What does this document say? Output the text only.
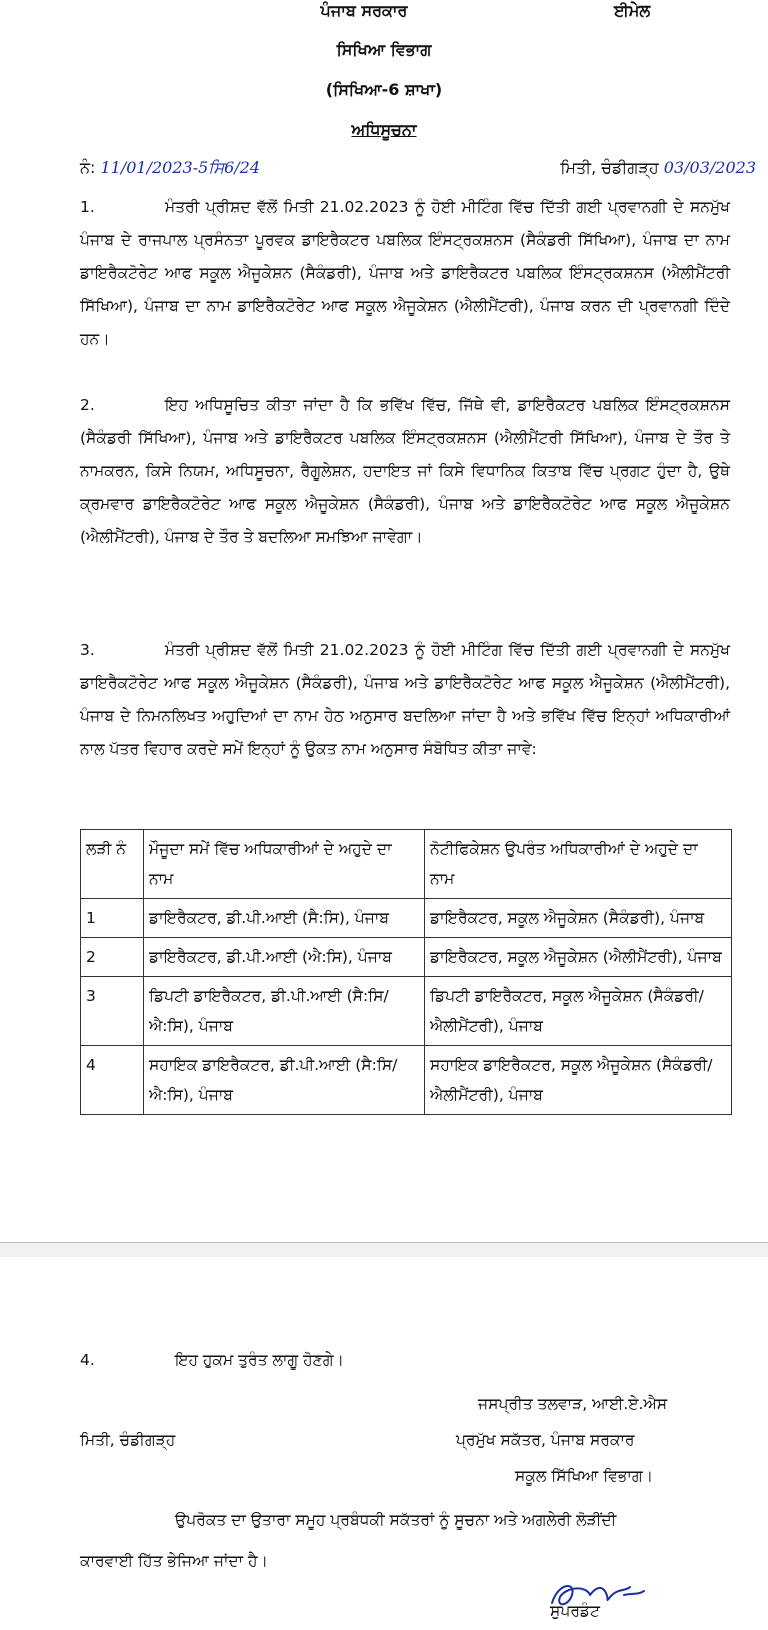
ਪੰਜਾਬ ਸਰਕਾਰ	ਈਮੇਲ
ਸਿਖਿਆ ਵਿਭਾਗ
(ਸਿਖਿਆ-6 ਸ਼ਾਖਾ)
ਅਧਿਸੂਚਨਾ
ਨੰ: 11/01/2023-5ਸਿ6/24	ਮਿਤੀ, ਚੰਡੀਗੜ੍ਹ 03/03/2023

1.	ਮੰਤਰੀ ਪ੍ਰੀਸ਼ਦ ਵੱਲੋਂ ਮਿਤੀ 21.02.2023 ਨੂੰ ਹੋਈ ਮੀਟਿੰਗ ਵਿੱਚ ਦਿੱਤੀ ਗਈ ਪ੍ਰਵਾਨਗੀ ਦੇ ਸਨਮੁੱਖ ਪੰਜਾਬ ਦੇ ਰਾਜਪਾਲ ਪ੍ਰਸੰਨਤਾ ਪੂਰਵਕ ਡਾਇਰੈਕਟਰ ਪਬਲਿਕ ਇੰਸਟ੍ਰਕਸ਼ਨਸ (ਸੈਕੰਡਰੀ ਸਿੱਖਿਆ), ਪੰਜਾਬ ਦਾ ਨਾਮ ਡਾਇਰੈਕਟੋਰੇਟ ਆਫ ਸਕੂਲ ਐਜੂਕੇਸ਼ਨ (ਸੈਕੰਡਰੀ), ਪੰਜਾਬ ਅਤੇ ਡਾਇਰੈਕਟਰ ਪਬਲਿਕ ਇੰਸਟ੍ਰਕਸ਼ਨਸ (ਐਲੀਮੈਂਟਰੀ ਸਿੱਖਿਆ), ਪੰਜਾਬ ਦਾ ਨਾਮ ਡਾਇਰੈਕਟੋਰੇਟ ਆਫ ਸਕੂਲ ਐਜੂਕੇਸ਼ਨ (ਐਲੀਮੈਂਟਰੀ), ਪੰਜਾਬ ਕਰਨ ਦੀ ਪ੍ਰਵਾਨਗੀ ਦਿੰਦੇ ਹਨ।

2.	ਇਹ ਅਧਿਸੂਚਿਤ ਕੀਤਾ ਜਾਂਦਾ ਹੈ ਕਿ ਭਵਿੱਖ ਵਿੱਚ, ਜਿੱਥੇ ਵੀ, ਡਾਇਰੈਕਟਰ ਪਬਲਿਕ ਇੰਸਟ੍ਰਕਸ਼ਨਸ (ਸੈਕੰਡਰੀ ਸਿੱਖਿਆ), ਪੰਜਾਬ ਅਤੇ ਡਾਇਰੈਕਟਰ ਪਬਲਿਕ ਇੰਸਟ੍ਰਕਸ਼ਨਸ (ਐਲੀਮੈਂਟਰੀ ਸਿੱਖਿਆ), ਪੰਜਾਬ ਦੇ ਤੌਰ ਤੇ ਨਾਮਕਰਨ, ਕਿਸੇ ਨਿਯਮ, ਅਧਿਸੂਚਨਾ, ਰੈਗੂਲੇਸ਼ਨ, ਹਦਾਇਤ ਜਾਂ ਕਿਸੇ ਵਿਧਾਨਿਕ ਕਿਤਾਬ ਵਿੱਚ ਪ੍ਰਗਟ ਹੁੰਦਾ ਹੈ, ਉਥੇ ਕ੍ਰਮਵਾਰ ਡਾਇਰੈਕਟੋਰੇਟ ਆਫ ਸਕੂਲ ਐਜੂਕੇਸ਼ਨ (ਸੈਕੰਡਰੀ), ਪੰਜਾਬ ਅਤੇ ਡਾਇਰੈਕਟੋਰੇਟ ਆਫ ਸਕੂਲ ਐਜੂਕੇਸ਼ਨ (ਐਲੀਮੈਂਟਰੀ), ਪੰਜਾਬ ਦੇ ਤੌਰ ਤੇ ਬਦਲਿਆ ਸਮਝਿਆ ਜਾਵੇਗਾ।

3.	ਮੰਤਰੀ ਪ੍ਰੀਸ਼ਦ ਵੱਲੋਂ ਮਿਤੀ 21.02.2023 ਨੂੰ ਹੋਈ ਮੀਟਿੰਗ ਵਿੱਚ ਦਿੱਤੀ ਗਈ ਪ੍ਰਵਾਨਗੀ ਦੇ ਸਨਮੁੱਖ ਡਾਇਰੈਕਟੋਰੇਟ ਆਫ ਸਕੂਲ ਐਜੂਕੇਸ਼ਨ (ਸੈਕੰਡਰੀ), ਪੰਜਾਬ ਅਤੇ ਡਾਇਰੈਕਟੋਰੇਟ ਆਫ ਸਕੂਲ ਐਜੂਕੇਸ਼ਨ (ਐਲੀਮੈਂਟਰੀ), ਪੰਜਾਬ ਦੇ ਨਿਮਨਲਿਖਤ ਅਹੁਦਿਆਂ ਦਾ ਨਾਮ ਹੇਠ ਅਨੁਸਾਰ ਬਦਲਿਆ ਜਾਂਦਾ ਹੈ ਅਤੇ ਭਵਿੱਖ ਵਿੱਚ ਇਨ੍ਹਾਂ ਅਧਿਕਾਰੀਆਂ ਨਾਲ ਪੱਤਰ ਵਿਹਾਰ ਕਰਦੇ ਸਮੇਂ ਇਨ੍ਹਾਂ ਨੂੰ ਉਕਤ ਨਾਮ ਅਨੁਸਾਰ ਸੰਬੋਧਿਤ ਕੀਤਾ ਜਾਵੇ:

ਲੜੀ ਨੰ	ਮੌਜੂਦਾ ਸਮੇਂ ਵਿੱਚ ਅਧਿਕਾਰੀਆਂ ਦੇ ਅਹੁਦੇ ਦਾ ਨਾਮ	ਨੋਟੀਫਿਕੇਸ਼ਨ ਉਪਰੰਤ ਅਧਿਕਾਰੀਆਂ ਦੇ ਅਹੁਦੇ ਦਾ ਨਾਮ
1	ਡਾਇਰੈਕਟਰ, ਡੀ.ਪੀ.ਆਈ (ਸੈ:ਸਿ), ਪੰਜਾਬ	ਡਾਇਰੈਕਟਰ, ਸਕੂਲ ਐਜੂਕੇਸ਼ਨ (ਸੈਕੰਡਰੀ), ਪੰਜਾਬ
2	ਡਾਇਰੈਕਟਰ, ਡੀ.ਪੀ.ਆਈ (ਐ:ਸਿ), ਪੰਜਾਬ	ਡਾਇਰੈਕਟਰ, ਸਕੂਲ ਐਜੂਕੇਸ਼ਨ (ਐਲੀਮੈਂਟਰੀ), ਪੰਜਾਬ
3	ਡਿਪਟੀ ਡਾਇਰੈਕਟਰ, ਡੀ.ਪੀ.ਆਈ (ਸੈ:ਸਿ/ਐ:ਸਿ), ਪੰਜਾਬ	ਡਿਪਟੀ ਡਾਇਰੈਕਟਰ, ਸਕੂਲ ਐਜੂਕੇਸ਼ਨ (ਸੈਕੰਡਰੀ/ਐਲੀਮੈਂਟਰੀ), ਪੰਜਾਬ
4	ਸਹਾਇਕ ਡਾਇਰੈਕਟਰ, ਡੀ.ਪੀ.ਆਈ (ਸੈ:ਸਿ/ਐ:ਸਿ), ਪੰਜਾਬ	ਸਹਾਇਕ ਡਾਇਰੈਕਟਰ, ਸਕੂਲ ਐਜੂਕੇਸ਼ਨ (ਸੈਕੰਡਰੀ/ਐਲੀਮੈਂਟਰੀ), ਪੰਜਾਬ
4.	ਇਹ ਹੁਕਮ ਤੁਰੰਤ ਲਾਗੂ ਹੋਣਗੇ।
ਜਸਪ੍ਰੀਤ ਤਲਵਾੜ, ਆਈ.ਏ.ਐਸ
ਮਿਤੀ, ਚੰਡੀਗੜ੍ਹ	ਪ੍ਰਮੁੱਖ ਸਕੱਤਰ, ਪੰਜਾਬ ਸਰਕਾਰ
ਸਕੂਲ ਸਿੱਖਿਆ ਵਿਭਾਗ।
ਉਪਰੋਕਤ ਦਾ ਉਤਾਰਾ ਸਮੂਹ ਪ੍ਰਬੰਧਕੀ ਸਕੱਤਰਾਂ ਨੂੰ ਸੂਚਨਾ ਅਤੇ ਅਗਲੇਰੀ ਲੋੜੀਂਦੀ
ਕਾਰਵਾਈ ਹਿੱਤ ਭੇਜਿਆ ਜਾਂਦਾ ਹੈ।
ਸੁਪਰਡੰਟ
